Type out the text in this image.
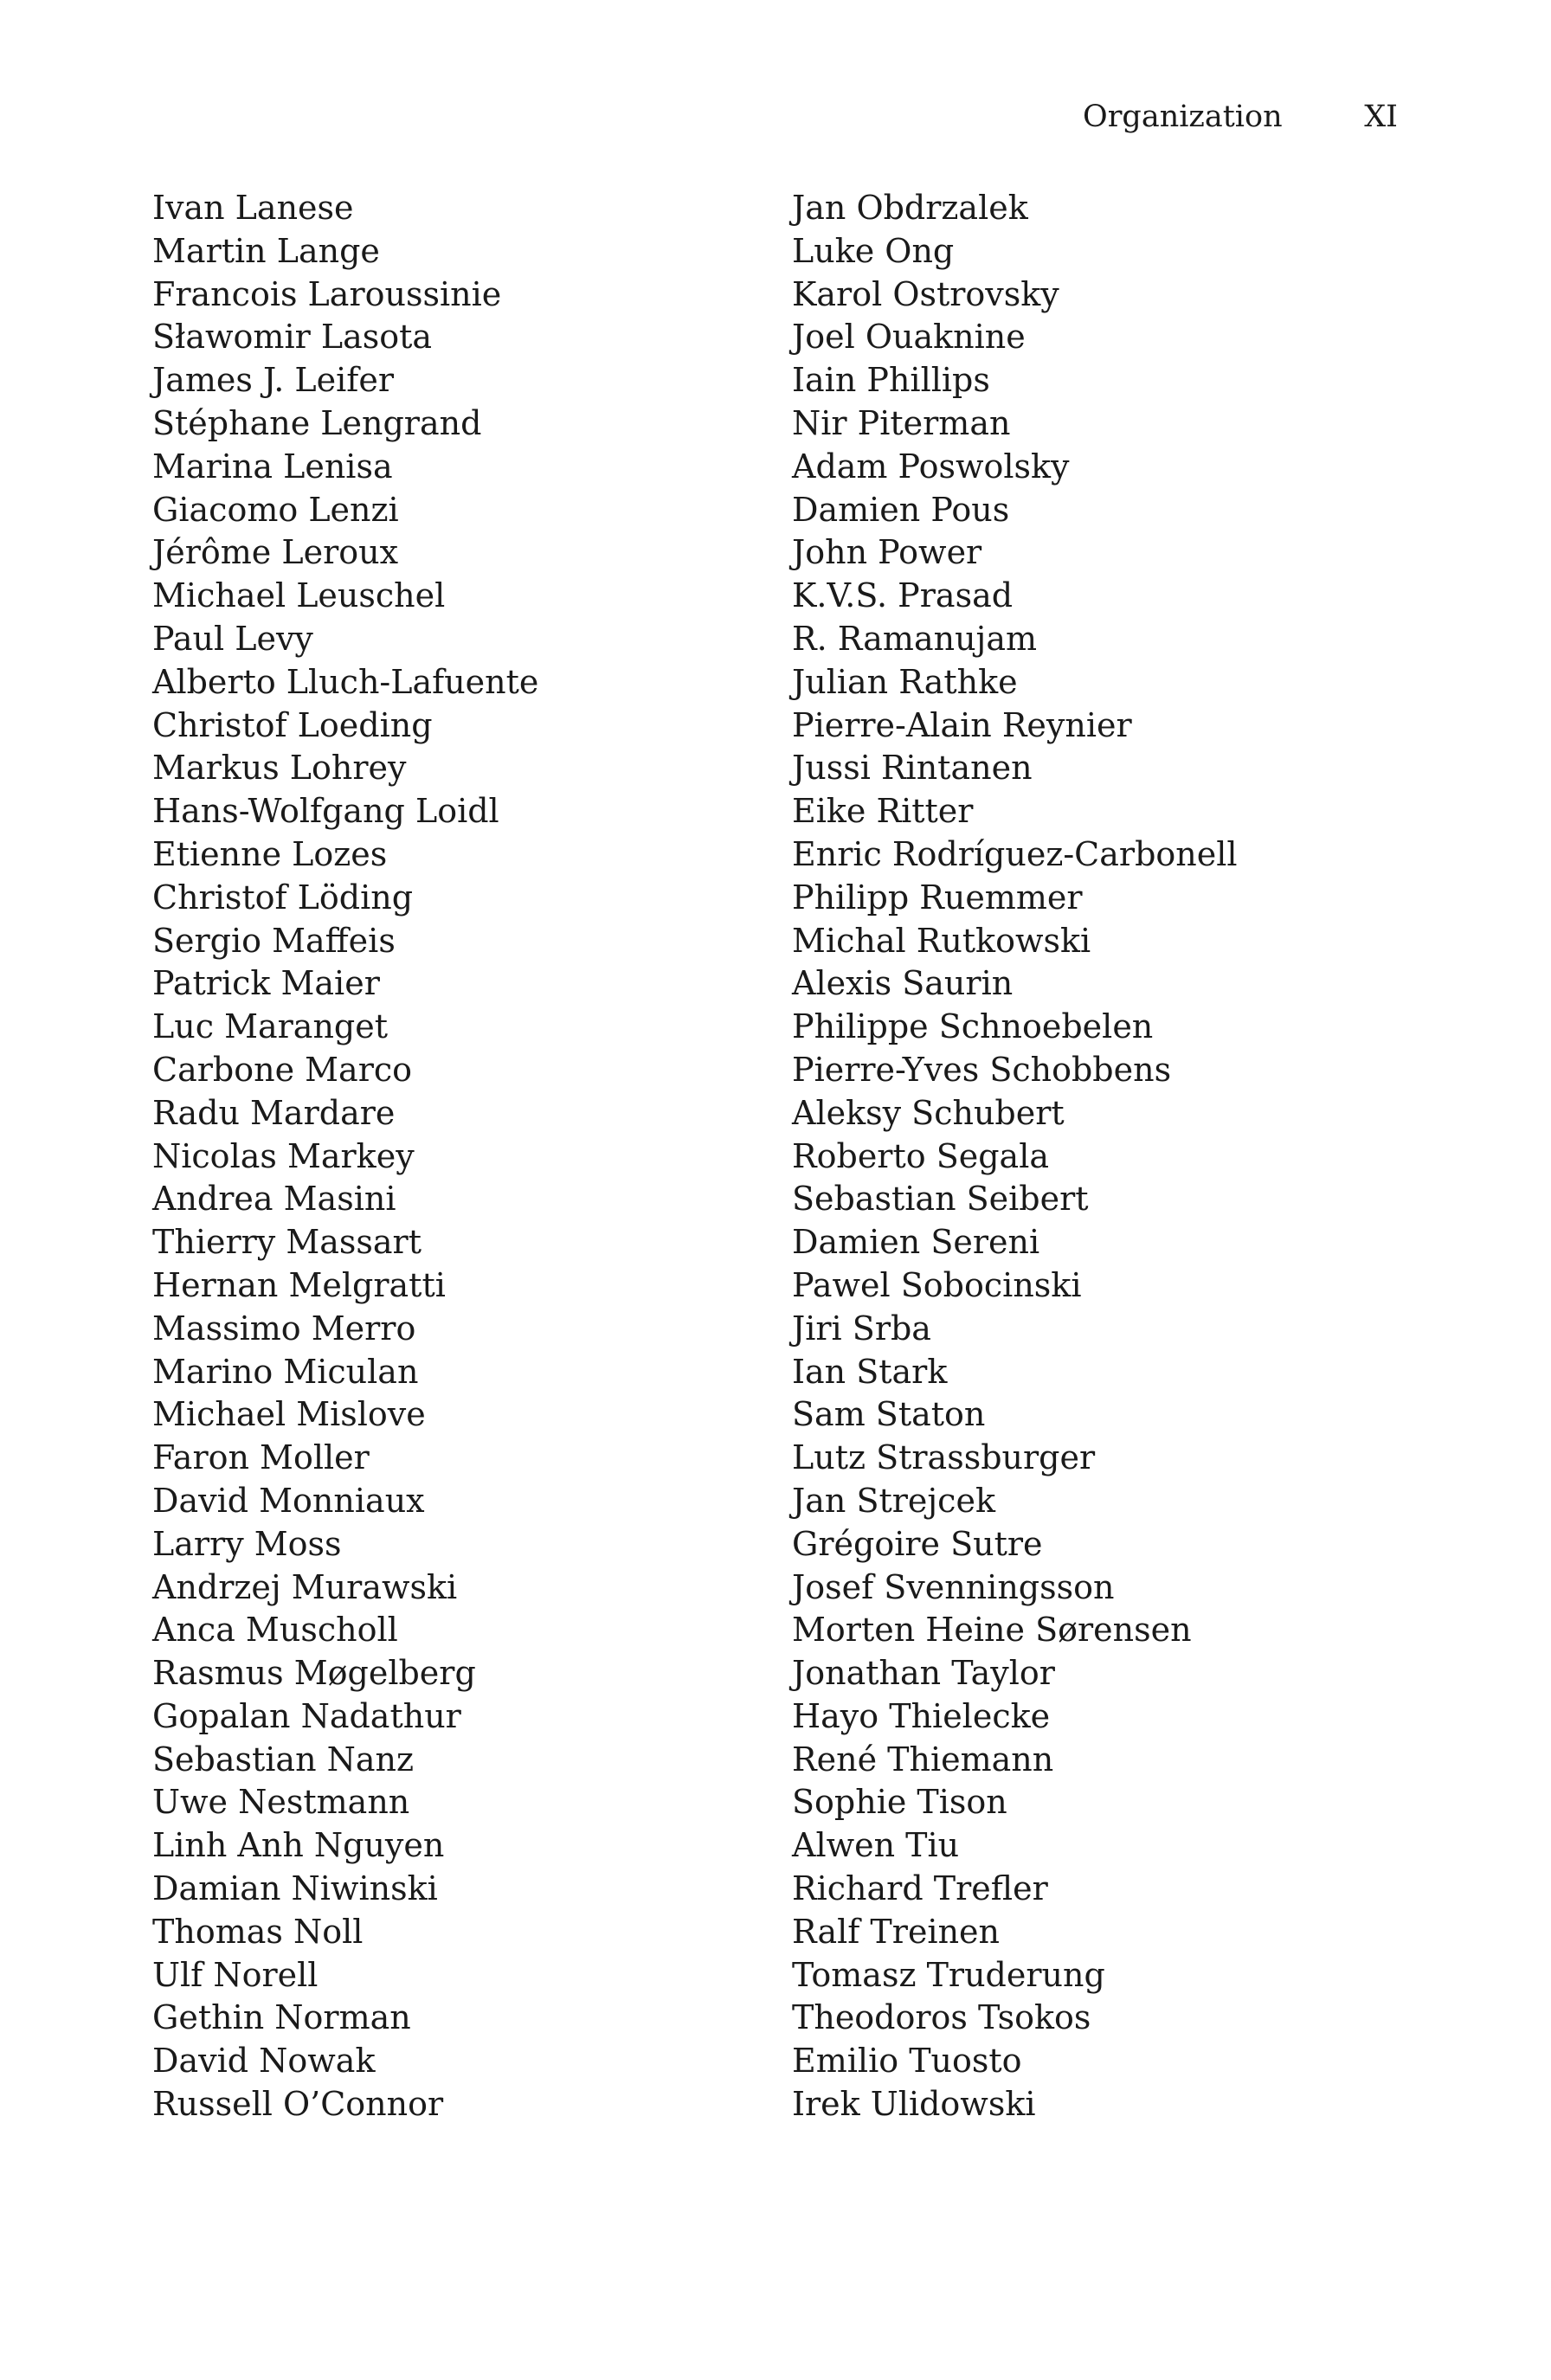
Organization	XI
Ivan Lanese
Martin Lange
Francois Laroussinie
Sławomir Lasota
James J. Leifer
Stéphane Lengrand
Marina Lenisa
Giacomo Lenzi
Jérôme Leroux
Michael Leuschel
Paul Levy
Alberto Lluch-Lafuente
Christof Loeding
Markus Lohrey
Hans-Wolfgang Loidl
Etienne Lozes
Christof Löding
Sergio Maffeis
Patrick Maier
Luc Maranget
Carbone Marco
Radu Mardare
Nicolas Markey
Andrea Masini
Thierry Massart
Hernan Melgratti
Massimo Merro
Marino Miculan
Michael Mislove
Faron Moller
David Monniaux
Larry Moss
Andrzej Murawski
Anca Muscholl
Rasmus Møgelberg
Gopalan Nadathur
Sebastian Nanz
Uwe Nestmann
Linh Anh Nguyen
Damian Niwinski
Thomas Noll
Ulf Norell
Gethin Norman
David Nowak
Russell O’Connor
Jan Obdrzalek
Luke Ong
Karol Ostrovsky
Joel Ouaknine
Iain Phillips
Nir Piterman
Adam Poswolsky
Damien Pous
John Power
K.V.S. Prasad
R. Ramanujam
Julian Rathke
Pierre-Alain Reynier
Jussi Rintanen
Eike Ritter
Enric Rodríguez-Carbonell
Philipp Ruemmer
Michal Rutkowski
Alexis Saurin
Philippe Schnoebelen
Pierre-Yves Schobbens
Aleksy Schubert
Roberto Segala
Sebastian Seibert
Damien Sereni
Pawel Sobocinski
Jiri Srba
Ian Stark
Sam Staton
Lutz Strassburger
Jan Strejcek
Grégoire Sutre
Josef Svenningsson
Morten Heine Sørensen
Jonathan Taylor
Hayo Thielecke
René Thiemann
Sophie Tison
Alwen Tiu
Richard Trefler
Ralf Treinen
Tomasz Truderung
Theodoros Tsokos
Emilio Tuosto
Irek Ulidowski
